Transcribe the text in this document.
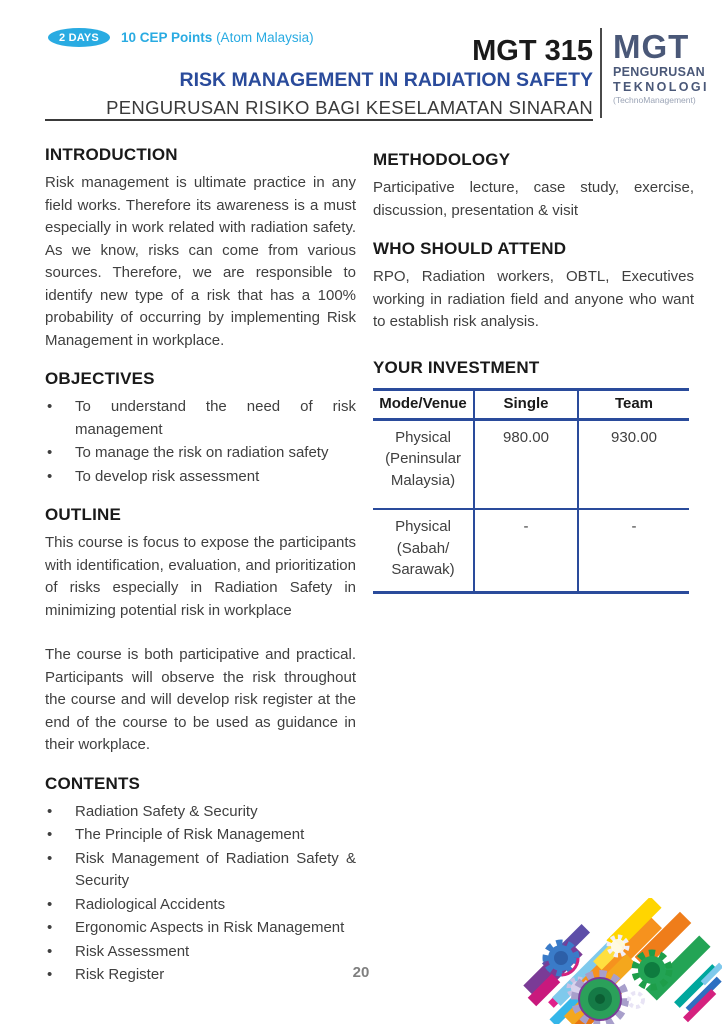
2 DAYS	10 CEP Points (Atom Malaysia)	MGT 315
RISK MANAGEMENT IN RADIATION SAFETY
PENGURUSAN RISIKO BAGI KESELAMATAN SINARAN
MGT
PENGURUSAN
TEKNOLOGI
(TechnoManagement)
INTRODUCTION

Risk management is ultimate practice in any field works. Therefore its awareness is a must especially in work related with radiation safety. As we know, risks can come from various sources. Therefore, we are responsible to identify new type of a risk that has a 100% probability of occurring by implementing Risk Management in workplace.

OBJECTIVES
• To understand the need of risk management
• To manage the risk on radiation safety
• To develop risk assessment
OUTLINE

This course is focus to expose the participants with identification, evaluation, and prioritization of risks especially in Radiation Safety in minimizing potential risk in workplace

The course is both participative and practical. Participants will observe the risk throughout the course and will develop risk register at the end of the course to be used as guidance in their workplace.

CONTENTS
• Radiation Safety & Security
• The Principle of Risk Management
• Risk Management of Radiation Safety & Security
• Radiological Accidents
• Ergonomic Aspects in Risk Management
• Risk Assessment
• Risk Register
METHODOLOGY

Participative lecture, case study, exercise, discussion, presentation & visit

WHO SHOULD ATTEND

RPO, Radiation workers, OBTL, Executives working in radiation field and anyone who want to establish risk analysis.

YOUR INVESTMENT
Mode/Venue	Single	Team
Physical (Peninsular Malaysia)	980.00	930.00
Physical (Sabah/ Sarawak)	-	-
20
